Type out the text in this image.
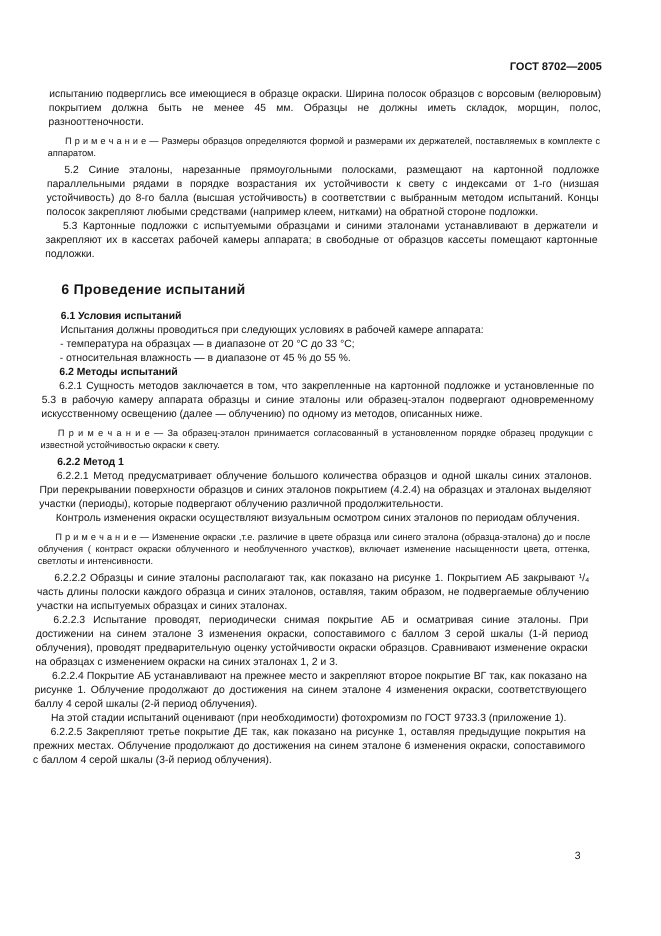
ГОСТ 8702—2005

испытанию подверглись все имеющиеся в образце окраски. Ширина полосок образцов с ворсовым (велюровым) покрытием должна быть не менее 45 мм. Образцы не должны иметь складок, морщин, полос, разнооттеночности.

П р и м е ч а н и е — Размеры образцов определяются формой и размерами их держателей, поставляемых в комплекте с аппаратом.

5.2 Синие эталоны, нарезанные прямоугольными полосками, размещают на картонной подложке параллельными рядами в порядке возрастания их устойчивости к свету с индексами от 1-го (низшая устойчивость) до 8-го балла (высшая устойчивость) в соответствии с выбранным методом испытаний. Концы полосок закрепляют любыми средствами (например клеем, нитками) на обратной стороне подложки.

5.3 Картонные подложки с испытуемыми образцами и синими эталонами устанавливают в держатели и закрепляют их в кассетах рабочей камеры аппарата; в свободные от образцов кассеты помещают картонные подложки.

6 Проведение испытаний

6.1 Условия испытаний

Испытания должны проводиться при следующих условиях в рабочей камере аппарата:

- температура на образцах — в диапазоне от 20 °С до 33 °С;

- относительная влажность — в диапазоне от 45 % до 55 %.

6.2 Методы испытаний

6.2.1 Сущность методов заключается в том, что закрепленные на картонной подложке и установленные по 5.3 в рабочую камеру аппарата образцы и синие эталоны или образец-эталон подвергают одновременному искусственному освещению (далее — облучению) по одному из методов, описанных ниже.

П р и м е ч а н и е — За образец-эталон принимается согласованный в установленном порядке образец продукции с известной устойчивостью окраски к свету.

6.2.2 Метод 1

6.2.2.1 Метод предусматривает облучение большого количества образцов и одной шкалы синих эталонов. При перекрывании поверхности образцов и синих эталонов покрытием (4.2.4) на образцах и эталонах выделяют участки (периоды), которые подвергают облучению различной продолжительности.

Контроль изменения окраски осуществляют визуальным осмотром синих эталонов по периодам облучения.

П р и м е ч а н и е — Изменение окраски ,т.е. различие в цвете образца или синего эталона (образца-эталона) до и после облучения ( контраст окраски облученного и необлученного участков), включает изменение насыщенности цвета, оттенка, светлоты и интенсивности.

6.2.2.2 Образцы и синие эталоны располагают так, как показано на рисунке 1. Покрытием АБ закрывают ¹/₄ часть длины полоски каждого образца и синих эталонов, оставляя, таким образом, не подвергаемые облучению участки на испытуемых образцах и синих эталонах.

6.2.2.3 Испытание проводят, периодически снимая покрытие АБ и осматривая синие эталоны. При достижении на синем эталоне 3 изменения окраски, сопоставимого с баллом 3 серой шкалы (1-й период облучения), проводят предварительную оценку устойчивости окраски образцов. Сравнивают изменение окраски на образцах с изменением окраски на синих эталонах 1, 2 и 3.

6.2.2.4 Покрытие АБ устанавливают на прежнее место и закрепляют второе покрытие ВГ так, как показано на рисунке 1. Облучение продолжают до достижения на синем эталоне 4 изменения окраски, соответствующего баллу 4 серой шкалы (2-й период облучения).

На этой стадии испытаний оценивают (при необходимости) фотохромизм по ГОСТ 9733.3 (приложение 1).

6.2.2.5 Закрепляют третье покрытие ДЕ так, как показано на рисунке 1, оставляя предыдущие покрытия на прежних местах. Облучение продолжают до достижения на синем эталоне 6 изменения окраски, сопоставимого с баллом 4 серой шкалы (3-й период облучения).

3
